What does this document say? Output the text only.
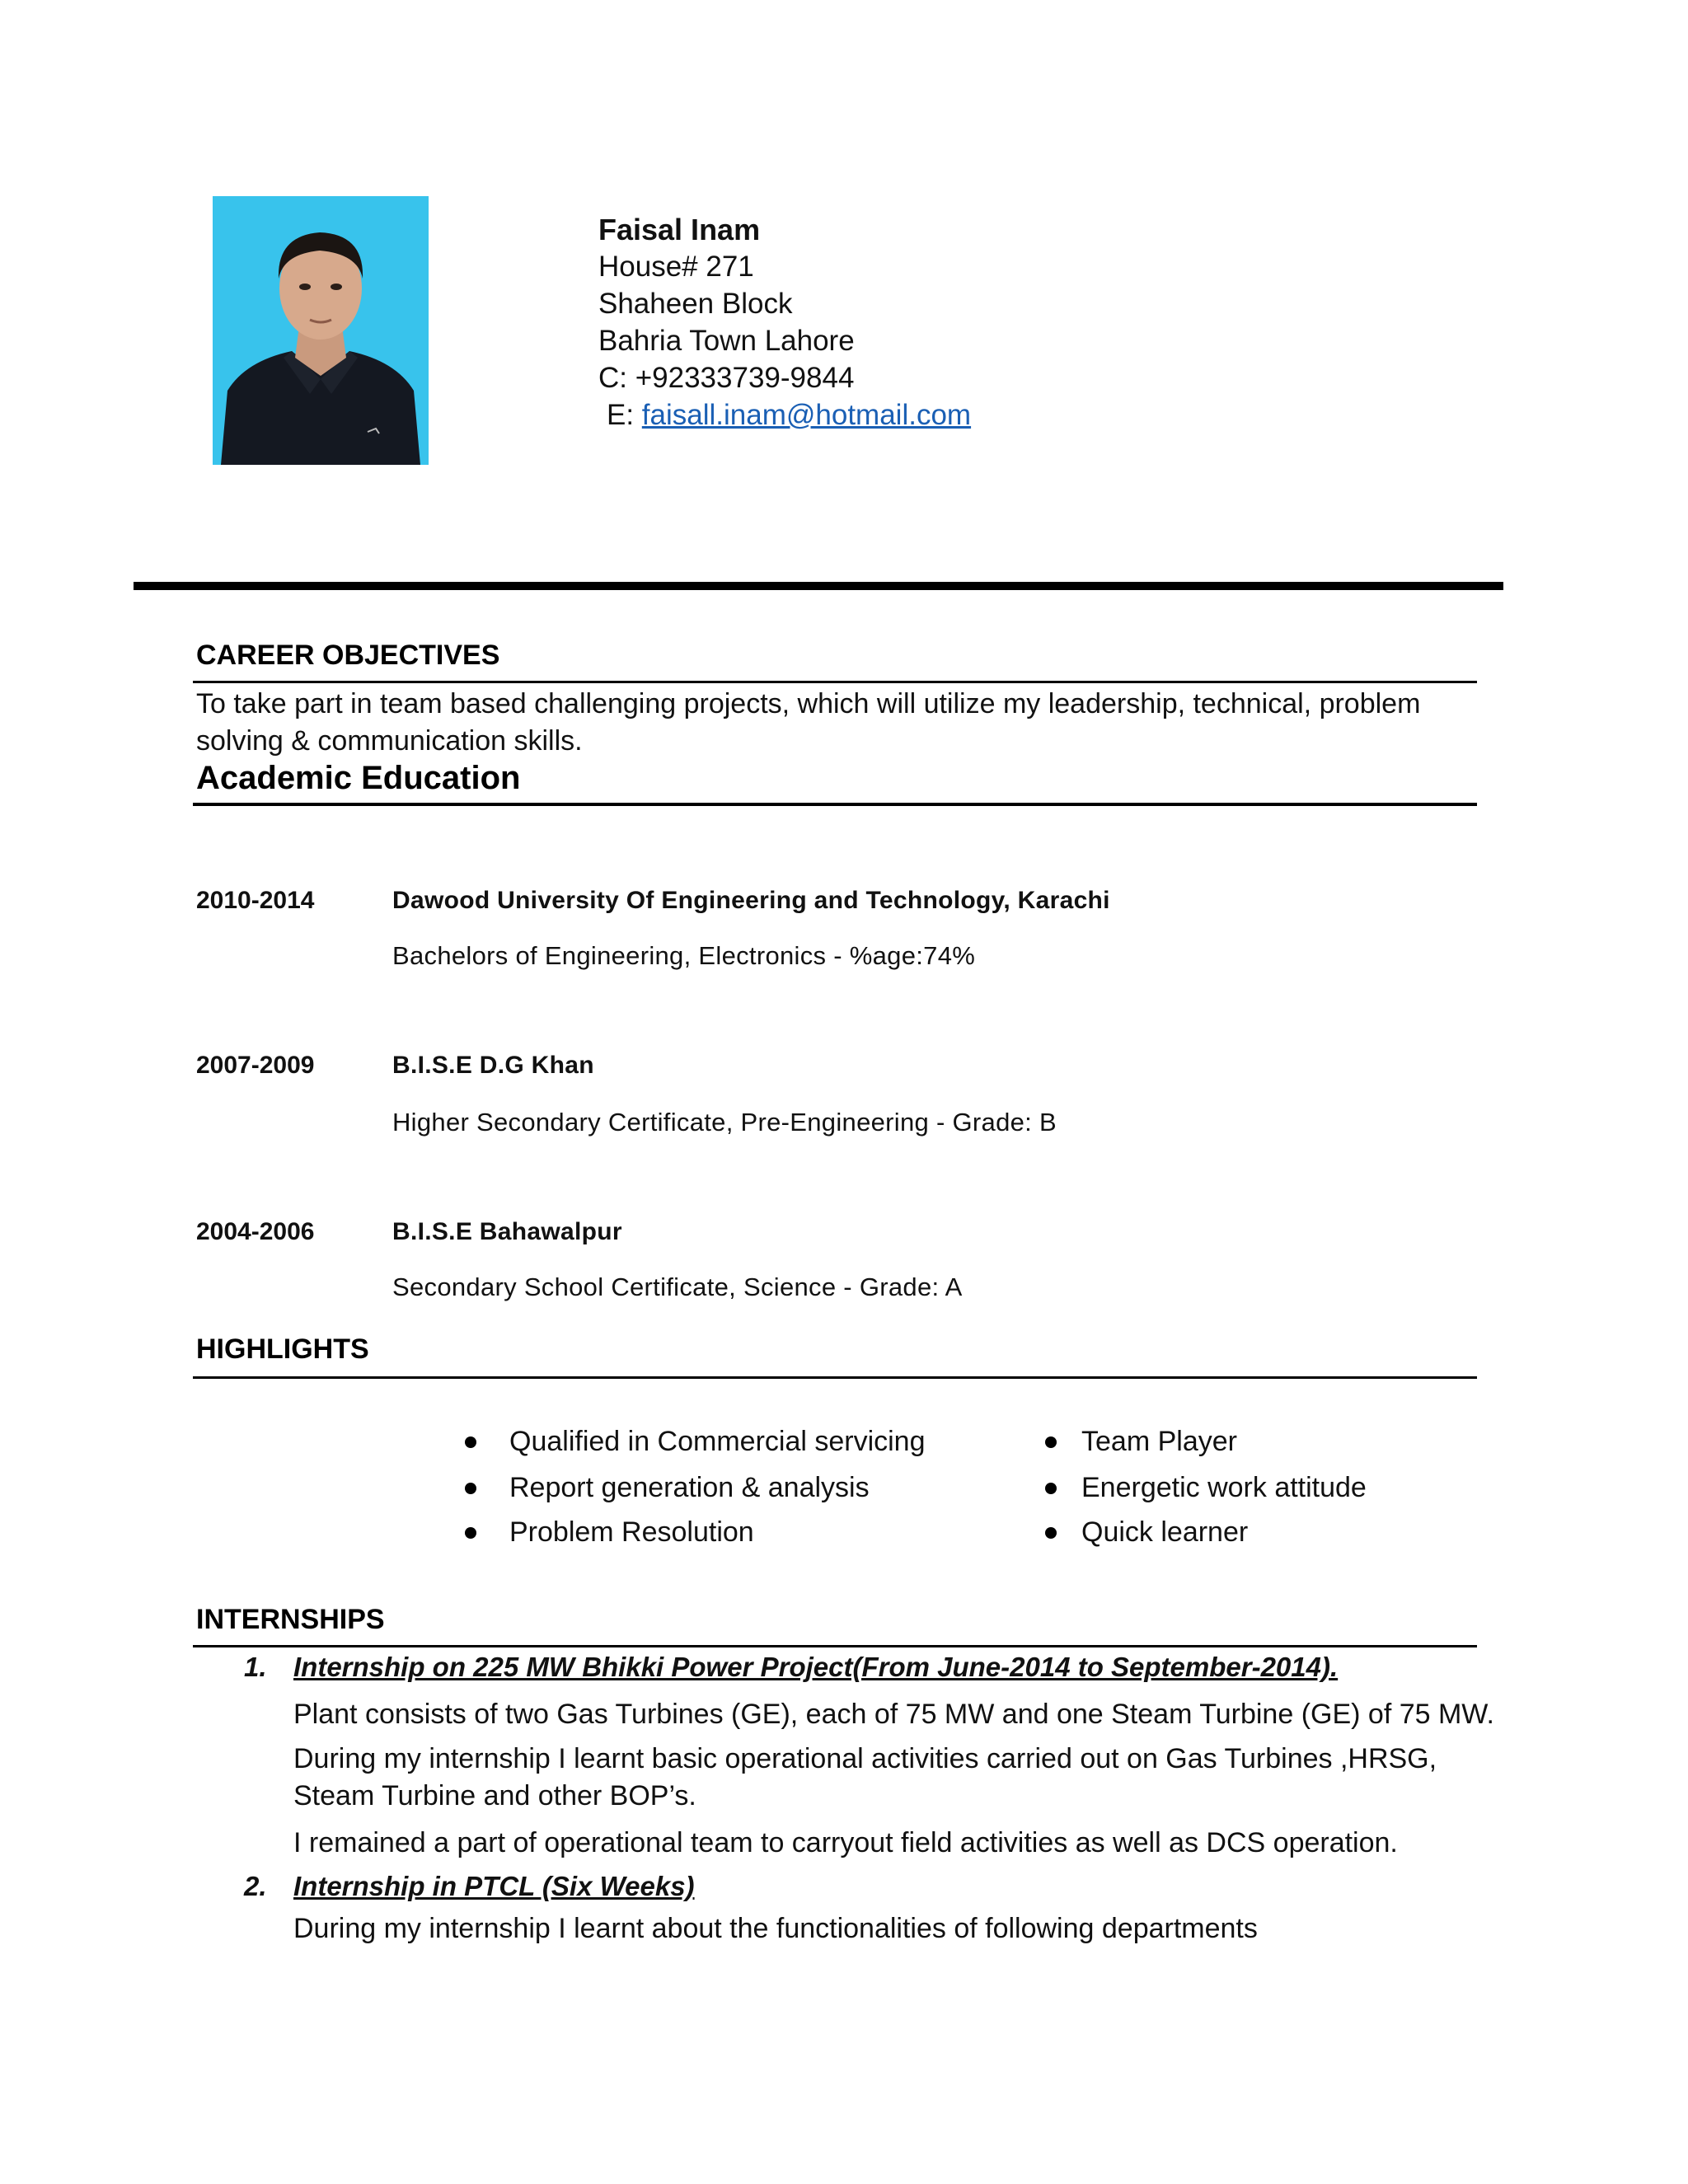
Faisal Inam
House# 271
Shaheen Block
Bahria Town Lahore
C: +92333739-9844
E: faisall.inam@hotmail.com
CAREER OBJECTIVES
To take part in team based challenging projects, which will utilize my leadership, technical, problem
solving & communication skills.
Academic Education
2010-2014	Dawood University Of Engineering and Technology, Karachi
Bachelors of Engineering, Electronics - %age:74%
2007-2009	B.I.S.E D.G Khan
Higher Secondary Certificate, Pre-Engineering - Grade: B
2004-2006	B.I.S.E Bahawalpur
Secondary School Certificate, Science - Grade: A
HIGHLIGHTS
Qualified in Commercial servicing
Report generation & analysis
Problem Resolution
Team Player
Energetic work attitude
Quick learner
INTERNSHIPS
1. Internship on 225 MW Bhikki Power Project(From June-2014 to September-2014).
Plant consists of two Gas Turbines (GE), each of 75 MW and one Steam Turbine (GE) of 75 MW.
During my internship I learnt basic operational activities carried out on Gas Turbines ,HRSG,
Steam Turbine and other BOP’s.
I remained a part of operational team to carryout field activities as well as DCS operation.
2. Internship in PTCL (Six Weeks)
During my internship I learnt about the functionalities of following departments
